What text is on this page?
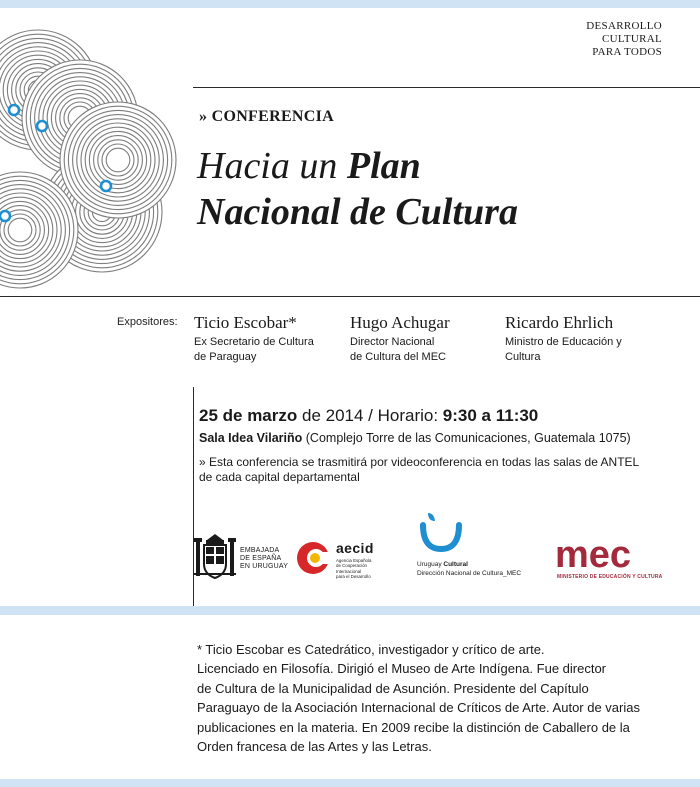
DESARROLLO
CULTURAL
PARA TODOS
» CONFERENCIA
Hacia un Plan
Nacional de Cultura
Expositores: Ticio Escobar*
Ex Secretario de Cultura
de Paraguay
Hugo Achugar
Director Nacional
de Cultura del MEC
Ricardo Ehrlich
Ministro de Educación y Cultura
25 de marzo de 2014 / Horario: 9:30 a 11:30
Sala Idea Vilariño (Complejo Torre de las Comunicaciones, Guatemala 1075)
» Esta conferencia se trasmitirá por videoconferencia en todas las salas de ANTEL
de cada capital departamental
EMBAJADA
DE ESPAÑA
EN URUGUAY
aecid
Agencia Española
de Cooperación
Internacional
para el Desarrollo
Uruguay Cultural
Dirección Nacional de Cultura_MEC mec
MINISTERIO DE EDUCACIÓN Y CULTURA
* Ticio Escobar es Catedrático, investigador y crítico de arte.
Licenciado en Filosofía. Dirigió el Museo de Arte Indígena. Fue director
de Cultura de la Municipalidad de Asunción. Presidente del Capítulo
Paraguayo de la Asociación Internacional de Críticos de Arte. Autor de varias
publicaciones en la materia. En 2009 recibe la distinción de Caballero de la
Orden francesa de las Artes y las Letras.
